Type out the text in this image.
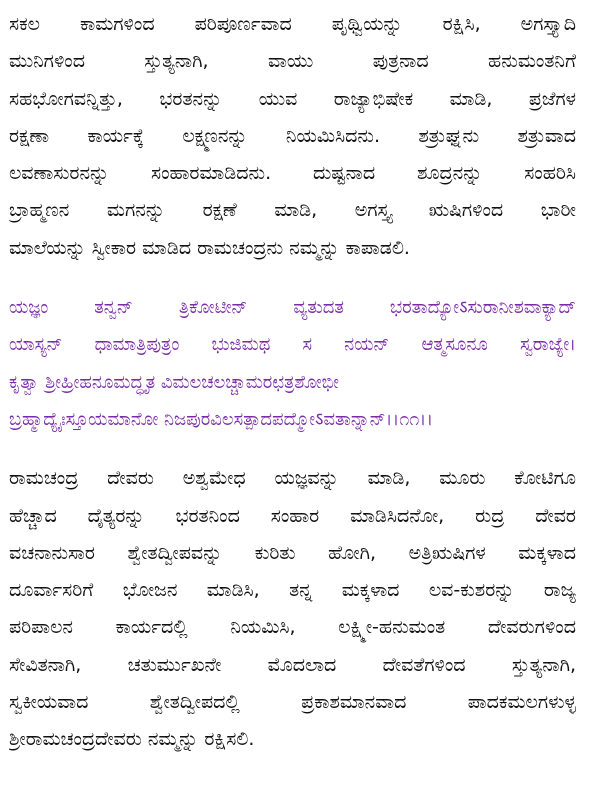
ಸಕಲ ಕಾಮಗಳಿಂದ ಪರಿಪೂರ್ಣವಾದ ಪೃಥ್ವಿಯನ್ನು ರಕ್ಷಿಸಿ, ಅಗಸ್ತ್ಯಾದಿ
ಮುನಿಗಳಿಂದ ಸ್ತುತ್ಯನಾಗಿ, ವಾಯು ಪುತ್ರನಾದ ಹನುಮಂತನಿಗೆ
ಸಹಭೋಗವನ್ನಿತ್ತು, ಭರತನನ್ನು ಯುವ ರಾಜ್ಯಾಭಿಷೇಕ ಮಾಡಿ, ಪ್ರಜೆಗಳ
ರಕ್ಷಣಾ ಕಾರ್ಯಕ್ಕೆ ಲಕ್ಷ್ಮಣನನ್ನು ನಿಯಮಿಸಿದನು. ಶತ್ರುಘ್ನನು ಶತ್ರುವಾದ
ಲವಣಾಸುರನನ್ನು ಸಂಹಾರಮಾಡಿದನು. ದುಷ್ಟನಾದ ಶೂದ್ರನನ್ನು ಸಂಹರಿಸಿ
ಬ್ರಾಹ್ಮಣನ ಮಗನನ್ನು ರಕ್ಷಣೆ ಮಾಡಿ, ಅಗಸ್ತ್ಯ ಋಷಿಗಳಿಂದ ಭಾರೀ
ಮಾಲೆಯನ್ನು ಸ್ವೀಕಾರ ಮಾಡಿದ ರಾಮಚಂದ್ರನು ನಮ್ಮನ್ನು ಕಾಪಾಡಲಿ.
ಯಜ್ಞಂ ತನ್ವನ್ ತ್ರಿಕೋಟೀನ್ ವ್ಯತುದತ ಭರತಾದ್ಯೋऽಸುರಾನೀಶವಾಕ್ಯಾದ್
ಯಾಸ್ಯನ್ ಧಾಮಾತ್ರಿಪುತ್ರಂ ಭುಜಿಮಥ ಸ ನಯನ್ ಆತ್ಮಸೂನೂ ಸ್ವರಾಜ್ಯೇ।
ಕೃತ್ವಾ ಶ್ರೀಹ್ರೀಹನೂಮದ್ಧೃತ ವಿಮಲಚಲಚ್ಚಾಮರಛತ್ರಶೋಭೀ
ಬ್ರಹ್ಮಾದ್ಯೈಃಸ್ತೂಯಮಾನೋ ನಿಜಪುರವಿಲಸತ್ಪಾದಪದ್ಮೋऽವತಾನ್ನಾನ್।।೧೧।।
ರಾಮಚಂದ್ರ ದೇವರು ಅಶ್ವಮೇಧ ಯಜ್ಞವನ್ನು ಮಾಡಿ, ಮೂರು ಕೋಟಿಗೂ
ಹೆಚ್ಚಾದ ದೈತ್ಯರನ್ನು ಭರತನಿಂದ ಸಂಹಾರ ಮಾಡಿಸಿದನೋ, ರುದ್ರ ದೇವರ
ವಚನಾನುಸಾರ ಶ್ವೇತದ್ವೀಪವನ್ನು ಕುರಿತು ಹೋಗಿ, ಅತ್ರಿಋಷಿಗಳ ಮಕ್ಕಳಾದ
ದೂರ್ವಾಸರಿಗೆ ಭೋಜನ ಮಾಡಿಸಿ, ತನ್ನ ಮಕ್ಕಳಾದ ಲವ-ಕುಶರನ್ನು ರಾಜ್ಯ
ಪರಿಪಾಲನ ಕಾರ್ಯದಲ್ಲಿ ನಿಯಮಿಸಿ, ಲಕ್ಷ್ಮೀ-ಹನುಮಂತ ದೇವರುಗಳಿಂದ
ಸೇವಿತನಾಗಿ, ಚತುರ್ಮುಖನೇ ಮೊದಲಾದ ದೇವತೆಗಳಿಂದ ಸ್ತುತ್ಯನಾಗಿ,
ಸ್ವಕೀಯವಾದ ಶ್ವೇತದ್ವೀಪದಲ್ಲಿ ಪ್ರಕಾಶಮಾನವಾದ ಪಾದಕಮಲಗಳುಳ್ಳ
ಶ್ರೀರಾಮಚಂದ್ರದೇವರು ನಮ್ಮನ್ನು ರಕ್ಷಿಸಲಿ.
